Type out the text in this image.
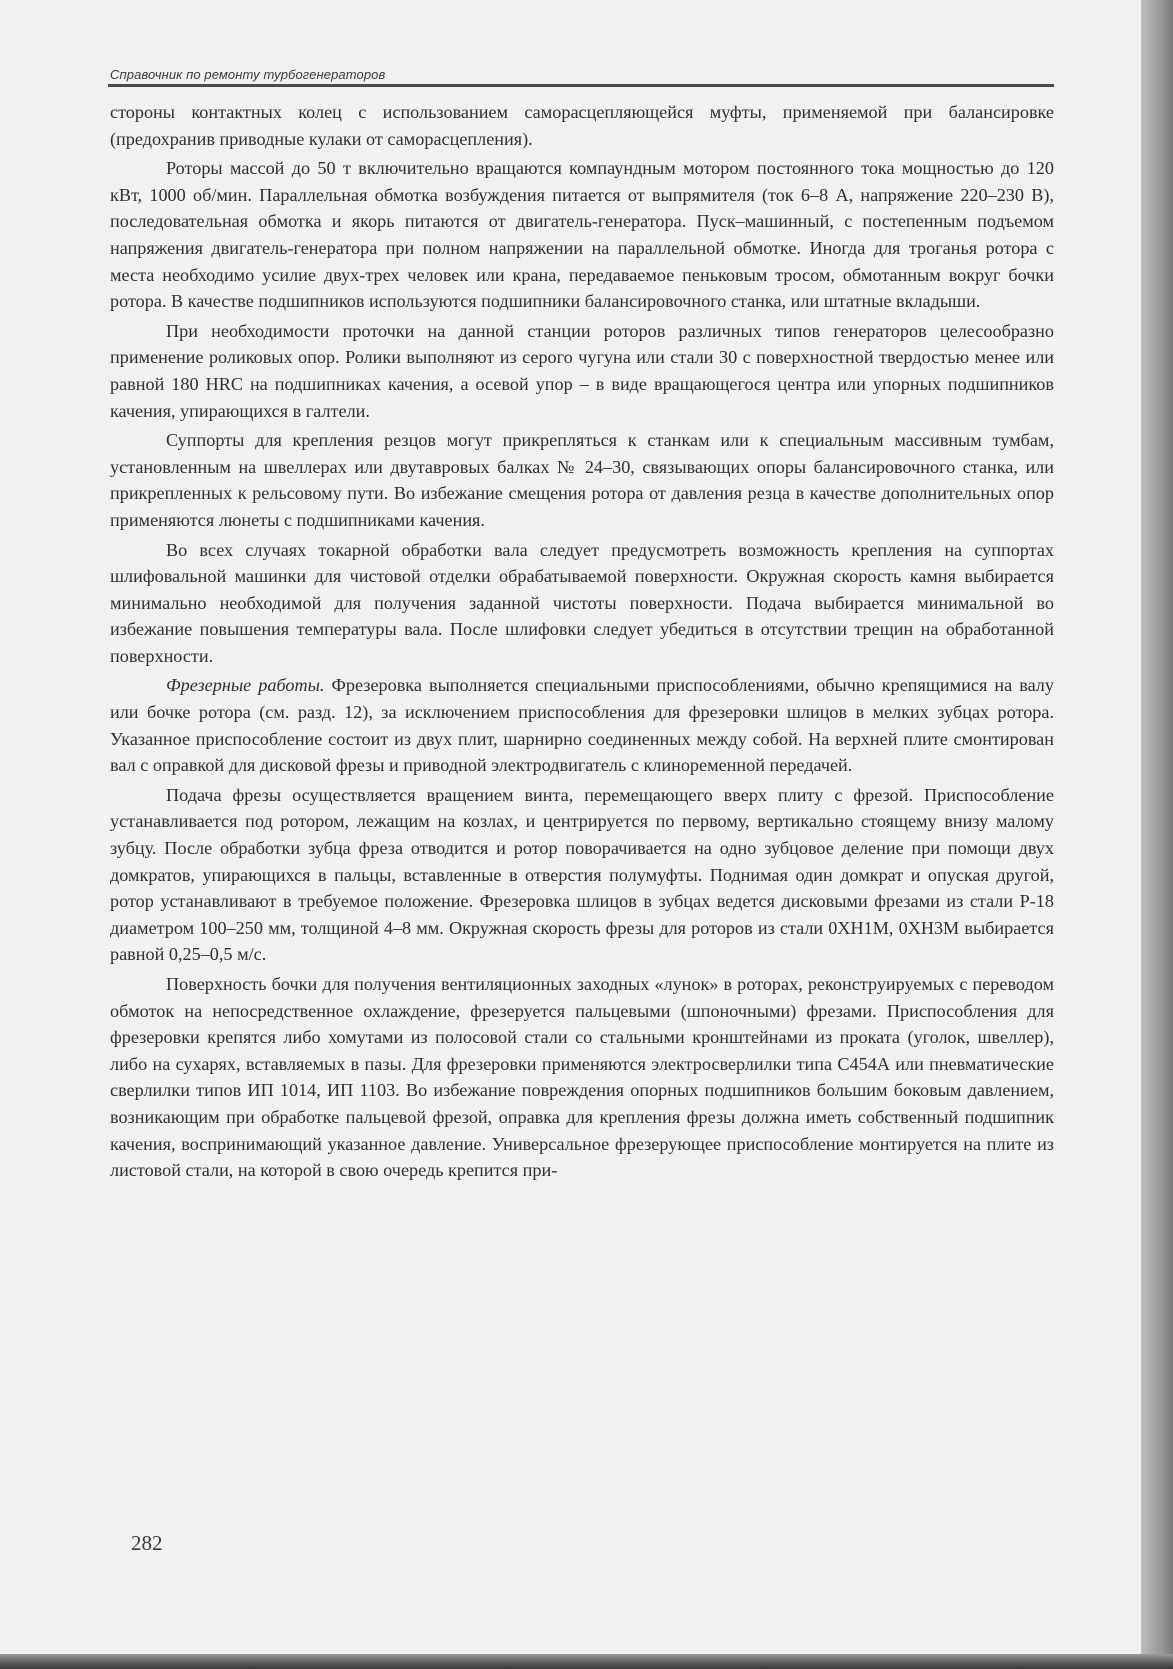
Справочник по ремонту турбогенераторов

стороны контактных колец с использованием саморасцепляющейся муфты, применяемой при балансировке (предохранив приводные кулаки от саморасцепления).

Роторы массой до 50 т включительно вращаются компаундным мотором постоянного тока мощностью до 120 кВт, 1000 об/мин. Параллельная обмотка возбуждения питается от выпрямителя (ток 6–8 А, напряжение 220–230 В), последовательная обмотка и якорь питаются от двигатель-генератора. Пуск–машинный, с постепенным подъемом напряжения двигатель-генератора при полном напряжении на параллельной обмотке. Иногда для троганья ротора с места необходимо усилие двух-трех человек или крана, передаваемое пеньковым тросом, обмотанным вокруг бочки ротора. В качестве подшипников используются подшипники балансировочного станка, или штатные вкладыши.

При необходимости проточки на данной станции роторов различных типов генераторов целесообразно применение роликовых опор. Ролики выполняют из серого чугуна или стали 30 с поверхностной твердостью менее или равной 180 HRC на подшипниках качения, а осевой упор – в виде вращающегося центра или упорных подшипников качения, упирающихся в галтели.

Суппорты для крепления резцов могут прикрепляться к станкам или к специальным массивным тумбам, установленным на швеллерах или двутавровых балках № 24–30, связывающих опоры балансировочного станка, или прикрепленных к рельсовому пути. Во избежание смещения ротора от давления резца в качестве дополнительных опор применяются люнеты с подшипниками качения.

Во всех случаях токарной обработки вала следует предусмотреть возможность крепления на суппортах шлифовальной машинки для чистовой отделки обрабатываемой поверхности. Окружная скорость камня выбирается минимально необходимой для получения заданной чистоты поверхности. Подача выбирается минимальной во избежание повышения температуры вала. После шлифовки следует убедиться в отсутствии трещин на обработанной поверхности.

Фрезерные работы. Фрезеровка выполняется специальными приспособлениями, обычно крепящимися на валу или бочке ротора (см. разд. 12), за исключением приспособления для фрезеровки шлицов в мелких зубцах ротора. Указанное приспособление состоит из двух плит, шарнирно соединенных между собой. На верхней плите смонтирован вал с оправкой для дисковой фрезы и приводной электродвигатель с клиноременной передачей.

Подача фрезы осуществляется вращением винта, перемещающего вверх плиту с фрезой. Приспособление устанавливается под ротором, лежащим на козлах, и центрируется по первому, вертикально стоящему внизу малому зубцу. После обработки зубца фреза отводится и ротор поворачивается на одно зубцовое деление при помощи двух домкратов, упирающихся в пальцы, вставленные в отверстия полумуфты. Поднимая один домкрат и опуская другой, ротор устанавливают в требуемое положение. Фрезеровка шлицов в зубцах ведется дисковыми фрезами из стали Р-18 диаметром 100–250 мм, толщиной 4–8 мм. Окружная скорость фрезы для роторов из стали 0ХН1М, 0ХН3М выбирается равной 0,25–0,5 м/с.

Поверхность бочки для получения вентиляционных заходных «лунок» в роторах, реконструируемых с переводом обмоток на непосредственное охлаждение, фрезеруется пальцевыми (шпоночными) фрезами. Приспособления для фрезеровки крепятся либо хомутами из полосовой стали со стальными кронштейнами из проката (уголок, швеллер), либо на сухарях, вставляемых в пазы. Для фрезеровки применяются электросверлилки типа С454А или пневматические сверлилки типов ИП 1014, ИП 1103. Во избежание повреждения опорных подшипников большим боковым давлением, возникающим при обработке пальцевой фрезой, оправка для крепления фрезы должна иметь собственный подшипник качения, воспринимающий указанное давление. Универсальное фрезерующее приспособление монтируется на плите из листовой стали, на которой в свою очередь крепится при-

282
